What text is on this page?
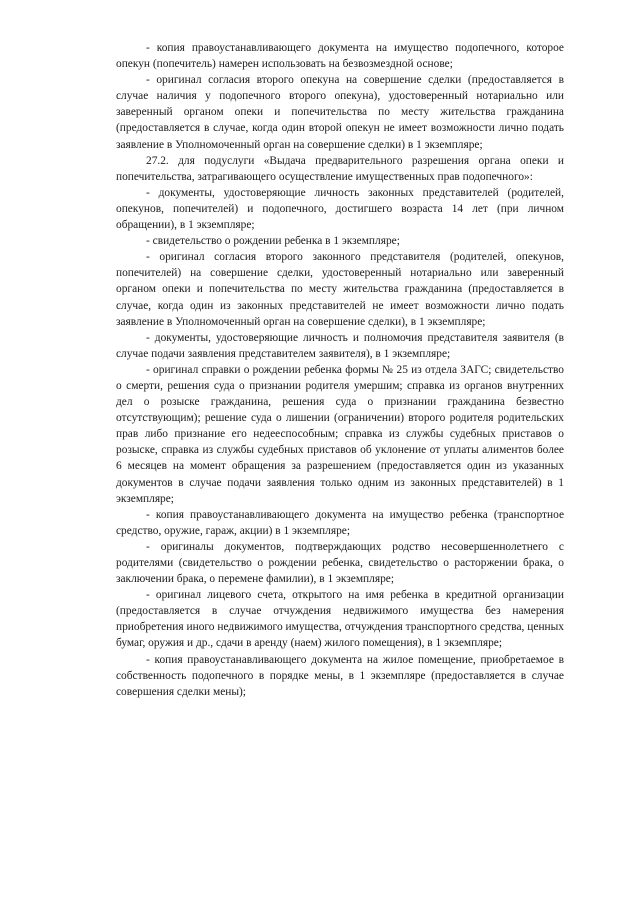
- копия правоустанавливающего документа на имущество подопечного, которое опекун (попечитель) намерен использовать на безвозмездной основе;

- оригинал согласия второго опекуна на совершение сделки (предоставляется в случае наличия у подопечного второго опекуна), удостоверенный нотариально или заверенный органом опеки и попечительства по месту жительства гражданина (предоставляется в случае, когда один второй опекун не имеет возможности лично подать заявление в Уполномоченный орган на совершение сделки) в 1 экземпляре;

27.2. для подуслуги «Выдача предварительного разрешения органа опеки и попечительства, затрагивающего осуществление имущественных прав подопечного»:

- документы, удостоверяющие личность законных представителей (родителей, опекунов, попечителей) и подопечного, достигшего возраста 14 лет (при личном обращении), в 1 экземпляре;

- свидетельство о рождении ребенка в 1 экземпляре;

- оригинал согласия второго законного представителя (родителей, опекунов, попечителей) на совершение сделки, удостоверенный нотариально или заверенный органом опеки и попечительства по месту жительства гражданина (предоставляется в случае, когда один из законных представителей не имеет возможности лично подать заявление в Уполномоченный орган на совершение сделки), в 1 экземпляре;

- документы, удостоверяющие личность и полномочия представителя заявителя (в случае подачи заявления представителем заявителя), в 1 экземпляре;

- оригинал справки о рождении ребенка формы № 25 из отдела ЗАГС; свидетельство о смерти, решения суда о признании родителя умершим; справка из органов внутренних дел о розыске гражданина, решения суда о признании гражданина безвестно отсутствующим); решение суда о лишении (ограничении) второго родителя родительских прав либо признание его недееспособным; справка из службы судебных приставов о розыске, справка из службы судебных приставов об уклонение от уплаты алиментов более 6 месяцев на момент обращения за разрешением (предоставляется один из указанных документов в случае подачи заявления только одним из законных представителей) в 1 экземпляре;

- копия правоустанавливающего документа на имущество ребенка (транспортное средство, оружие, гараж, акции) в 1 экземпляре;

- оригиналы документов, подтверждающих родство несовершеннолетнего с родителями (свидетельство о рождении ребенка, свидетельство о расторжении брака, о заключении брака, о перемене фамилии), в 1 экземпляре;

- оригинал лицевого счета, открытого на имя ребенка в кредитной организации (предоставляется в случае отчуждения недвижимого имущества без намерения приобретения иного недвижимого имущества, отчуждения транспортного средства, ценных бумаг, оружия и др., сдачи в аренду (наем) жилого помещения), в 1 экземпляре;

- копия правоустанавливающего документа на жилое помещение, приобретаемое в собственность подопечного в порядке мены, в 1 экземпляре (предоставляется в случае совершения сделки мены);
